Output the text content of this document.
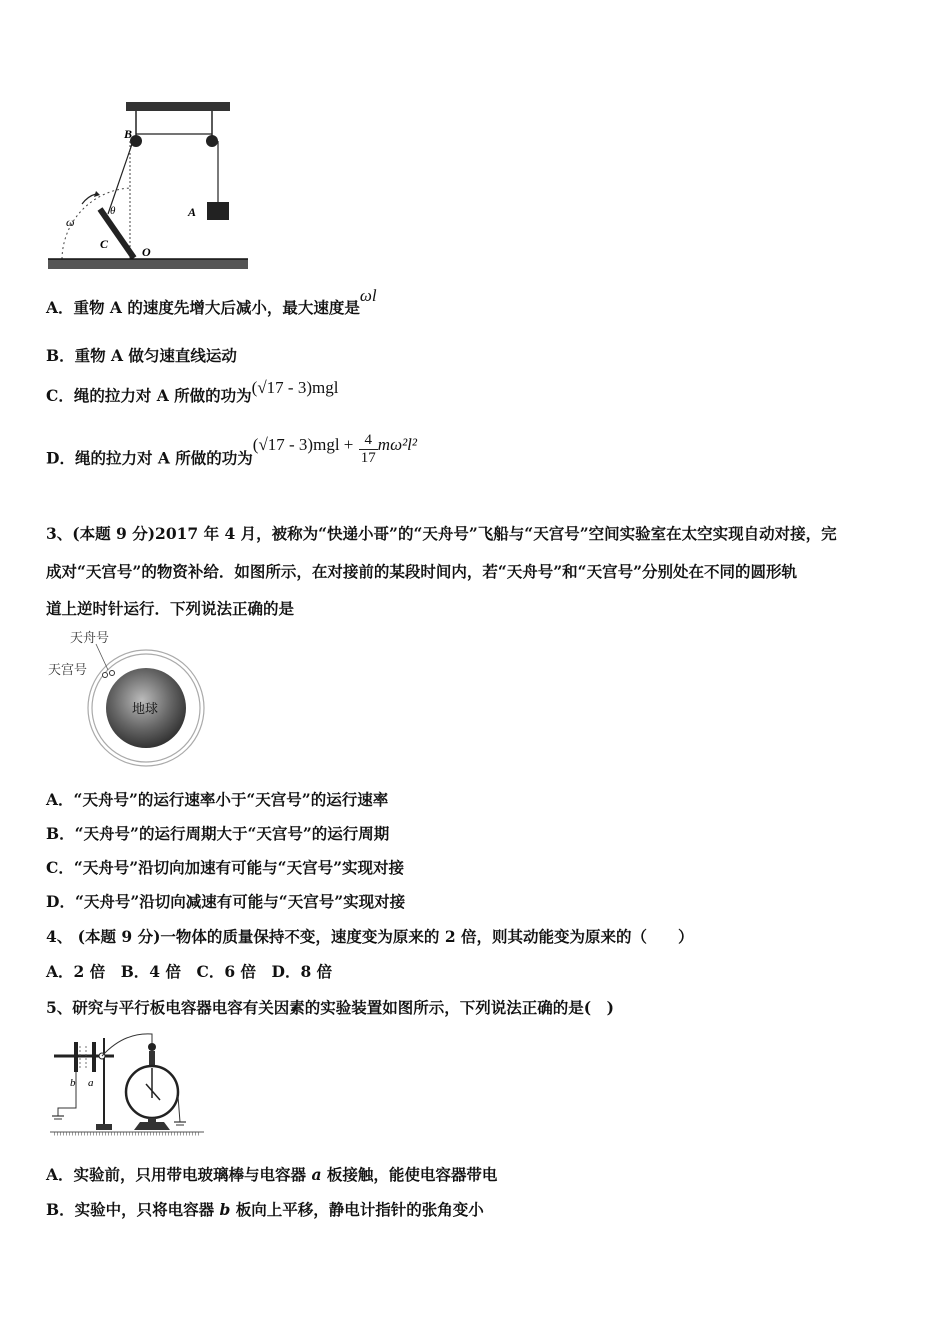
B
θ	A
ω
C
O
A．重物 A 的速度先增大后减小，最大速度是ωl
B．重物 A 做匀速直线运动
C．绳的拉力对 A 所做的功为(√17 - 3)mgl
D．绳的拉力对 A 所做的功为$(√17 - 3)mgl + \frac{4}{17} m\omega^2l^2$
3、(本题 9 分)2017 年 4 月，被称为“快递小哥”的“天舟号”飞船与“天宫号”空间实验室在太空实现自动对接，完
成对“天宫号”的物资补给．如图所示，在对接前的某段时间内，若“天舟号”和“天宫号”分别处在不同的圆形轨
道上逆时针运行．下列说法正确的是
天舟号
天宫号
地球
A．“天舟号”的运行速率小于“天宫号”的运行速率
B．“天舟号”的运行周期大于“天宫号”的运行周期
C．“天舟号”沿切向加速有可能与“天宫号”实现对接
D．“天舟号”沿切向减速有可能与“天宫号”实现对接
4、 (本题 9 分)一物体的质量保持不变，速度变为原来的 2 倍，则其动能变为原来的（　　）
A．2 倍　B．4 倍　C．6 倍　D．8 倍
5、研究与平行板电容器电容有关因素的实验装置如图所示，下列说法正确的是(　)
b a
A．实验前，只用带电玻璃棒与电容器 a 板接触，能使电容器带电
B．实验中，只将电容器 b 板向上平移，静电计指针的张角变小
